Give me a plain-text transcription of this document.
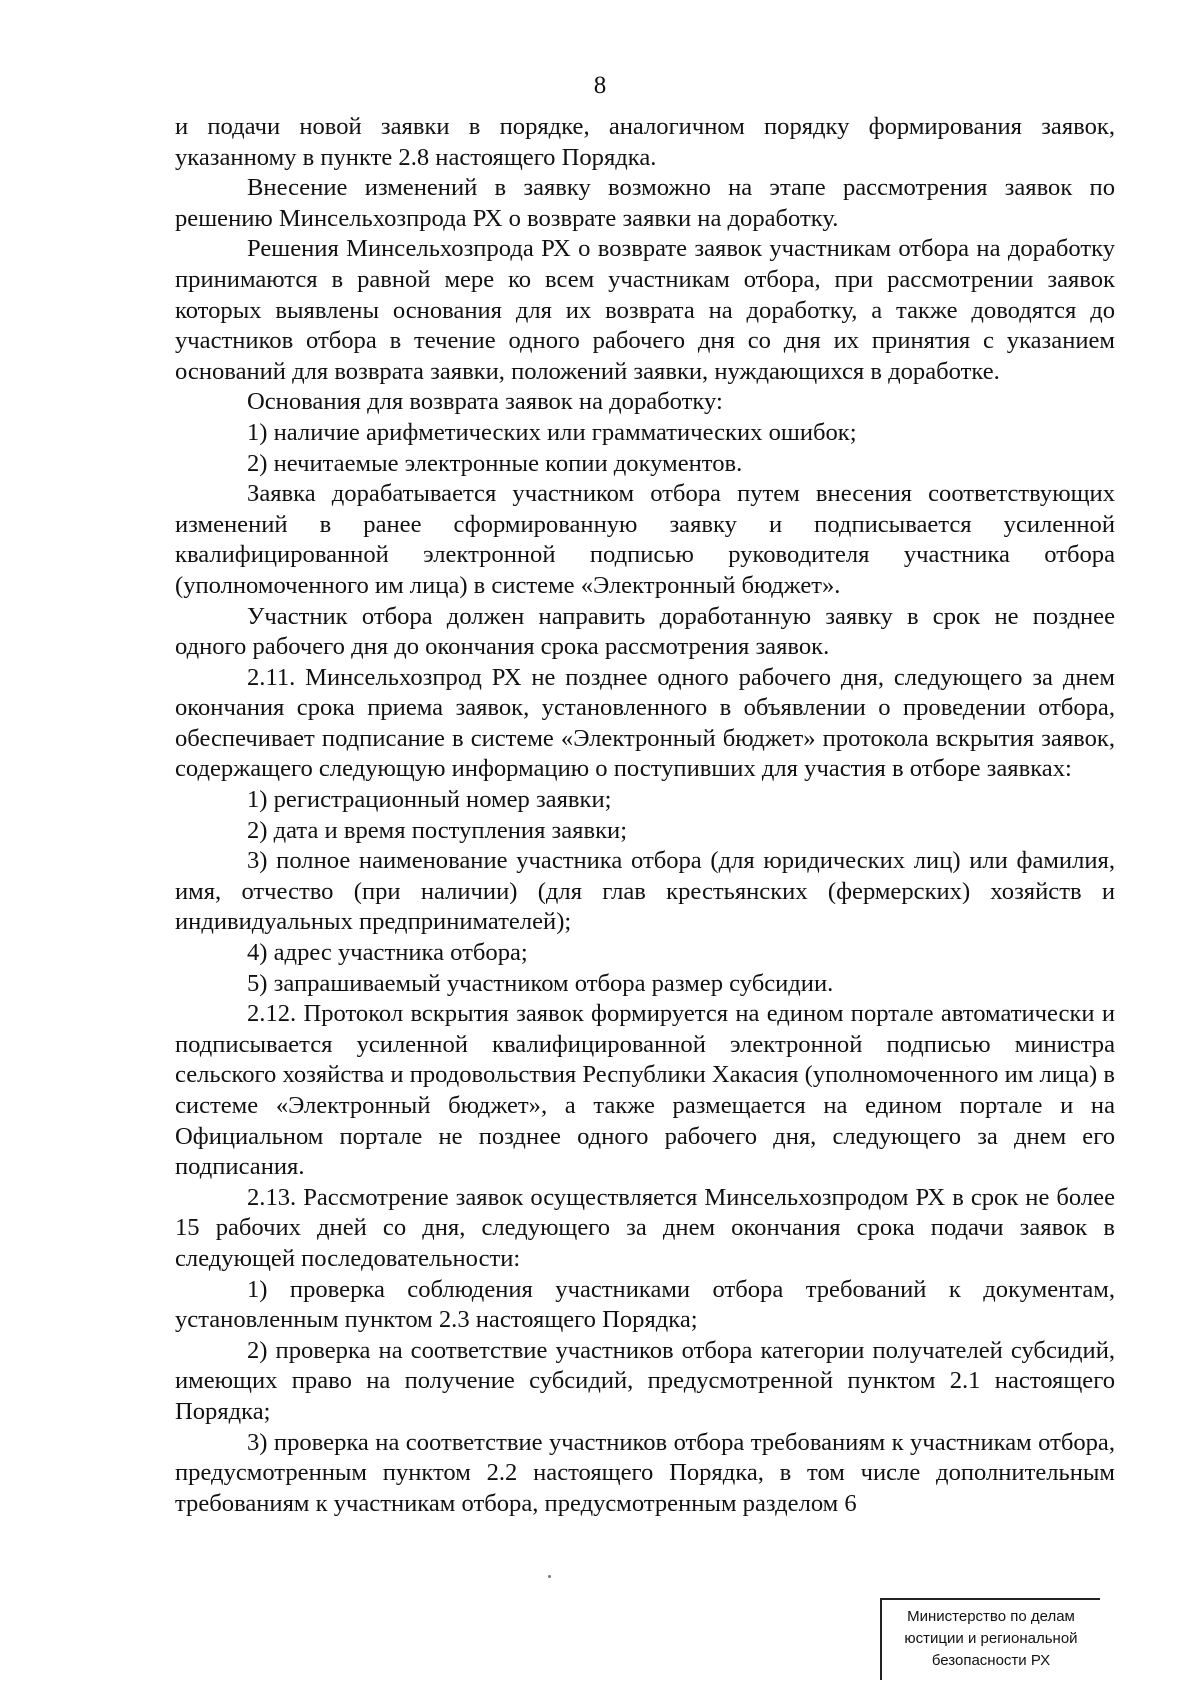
8

и подачи новой заявки в порядке, аналогичном порядку формирования заявок, указанному в пункте 2.8 настоящего Порядка.

Внесение изменений в заявку возможно на этапе рассмотрения заявок по решению Минсельхозпрода РХ о возврате заявки на доработку.

Решения Минсельхозпрода РХ о возврате заявок участникам отбора на доработку принимаются в равной мере ко всем участникам отбора, при рассмотрении заявок которых выявлены основания для их возврата на доработку, а также доводятся до участников отбора в течение одного рабочего дня со дня их принятия с указанием оснований для возврата заявки, положений заявки, нуждающихся в доработке.

Основания для возврата заявок на доработку:

1) наличие арифметических или грамматических ошибок;

2) нечитаемые электронные копии документов.

Заявка дорабатывается участником отбора путем внесения соответствующих изменений в ранее сформированную заявку и подписывается усиленной квалифицированной электронной подписью руководителя участника отбора (уполномоченного им лица) в системе «Электронный бюджет».

Участник отбора должен направить доработанную заявку в срок не позднее одного рабочего дня до окончания срока рассмотрения заявок.

2.11. Минсельхозпрод РХ не позднее одного рабочего дня, следующего за днем окончания срока приема заявок, установленного в объявлении о проведении отбора, обеспечивает подписание в системе «Электронный бюджет» протокола вскрытия заявок, содержащего следующую информацию о поступивших для участия в отборе заявках:

1) регистрационный номер заявки;

2) дата и время поступления заявки;

3) полное наименование участника отбора (для юридических лиц) или фамилия, имя, отчество (при наличии) (для глав крестьянских (фермерских) хозяйств и индивидуальных предпринимателей);

4) адрес участника отбора;

5) запрашиваемый участником отбора размер субсидии.

2.12. Протокол вскрытия заявок формируется на едином портале автоматически и подписывается усиленной квалифицированной электронной подписью министра сельского хозяйства и продовольствия Республики Хакасия (уполномоченного им лица) в системе «Электронный бюджет», а также размещается на едином портале и на Официальном портале не позднее одного рабочего дня, следующего за днем его подписания.

2.13. Рассмотрение заявок осуществляется Минсельхозпродом РХ в срок не более 15 рабочих дней со дня, следующего за днем окончания срока подачи заявок в следующей последовательности:

1) проверка соблюдения участниками отбора требований к документам, установленным пунктом 2.3 настоящего Порядка;

2) проверка на соответствие участников отбора категории получателей субсидий, имеющих право на получение субсидий, предусмотренной пунктом 2.1 настоящего Порядка;

3) проверка на соответствие участников отбора требованиям к участникам отбора, предусмотренным пунктом 2.2 настоящего Порядка, в том числе дополнительным требованиям к участникам отбора, предусмотренным разделом 6

Министерство по делам
юстиции и региональной
безопасности РХ
